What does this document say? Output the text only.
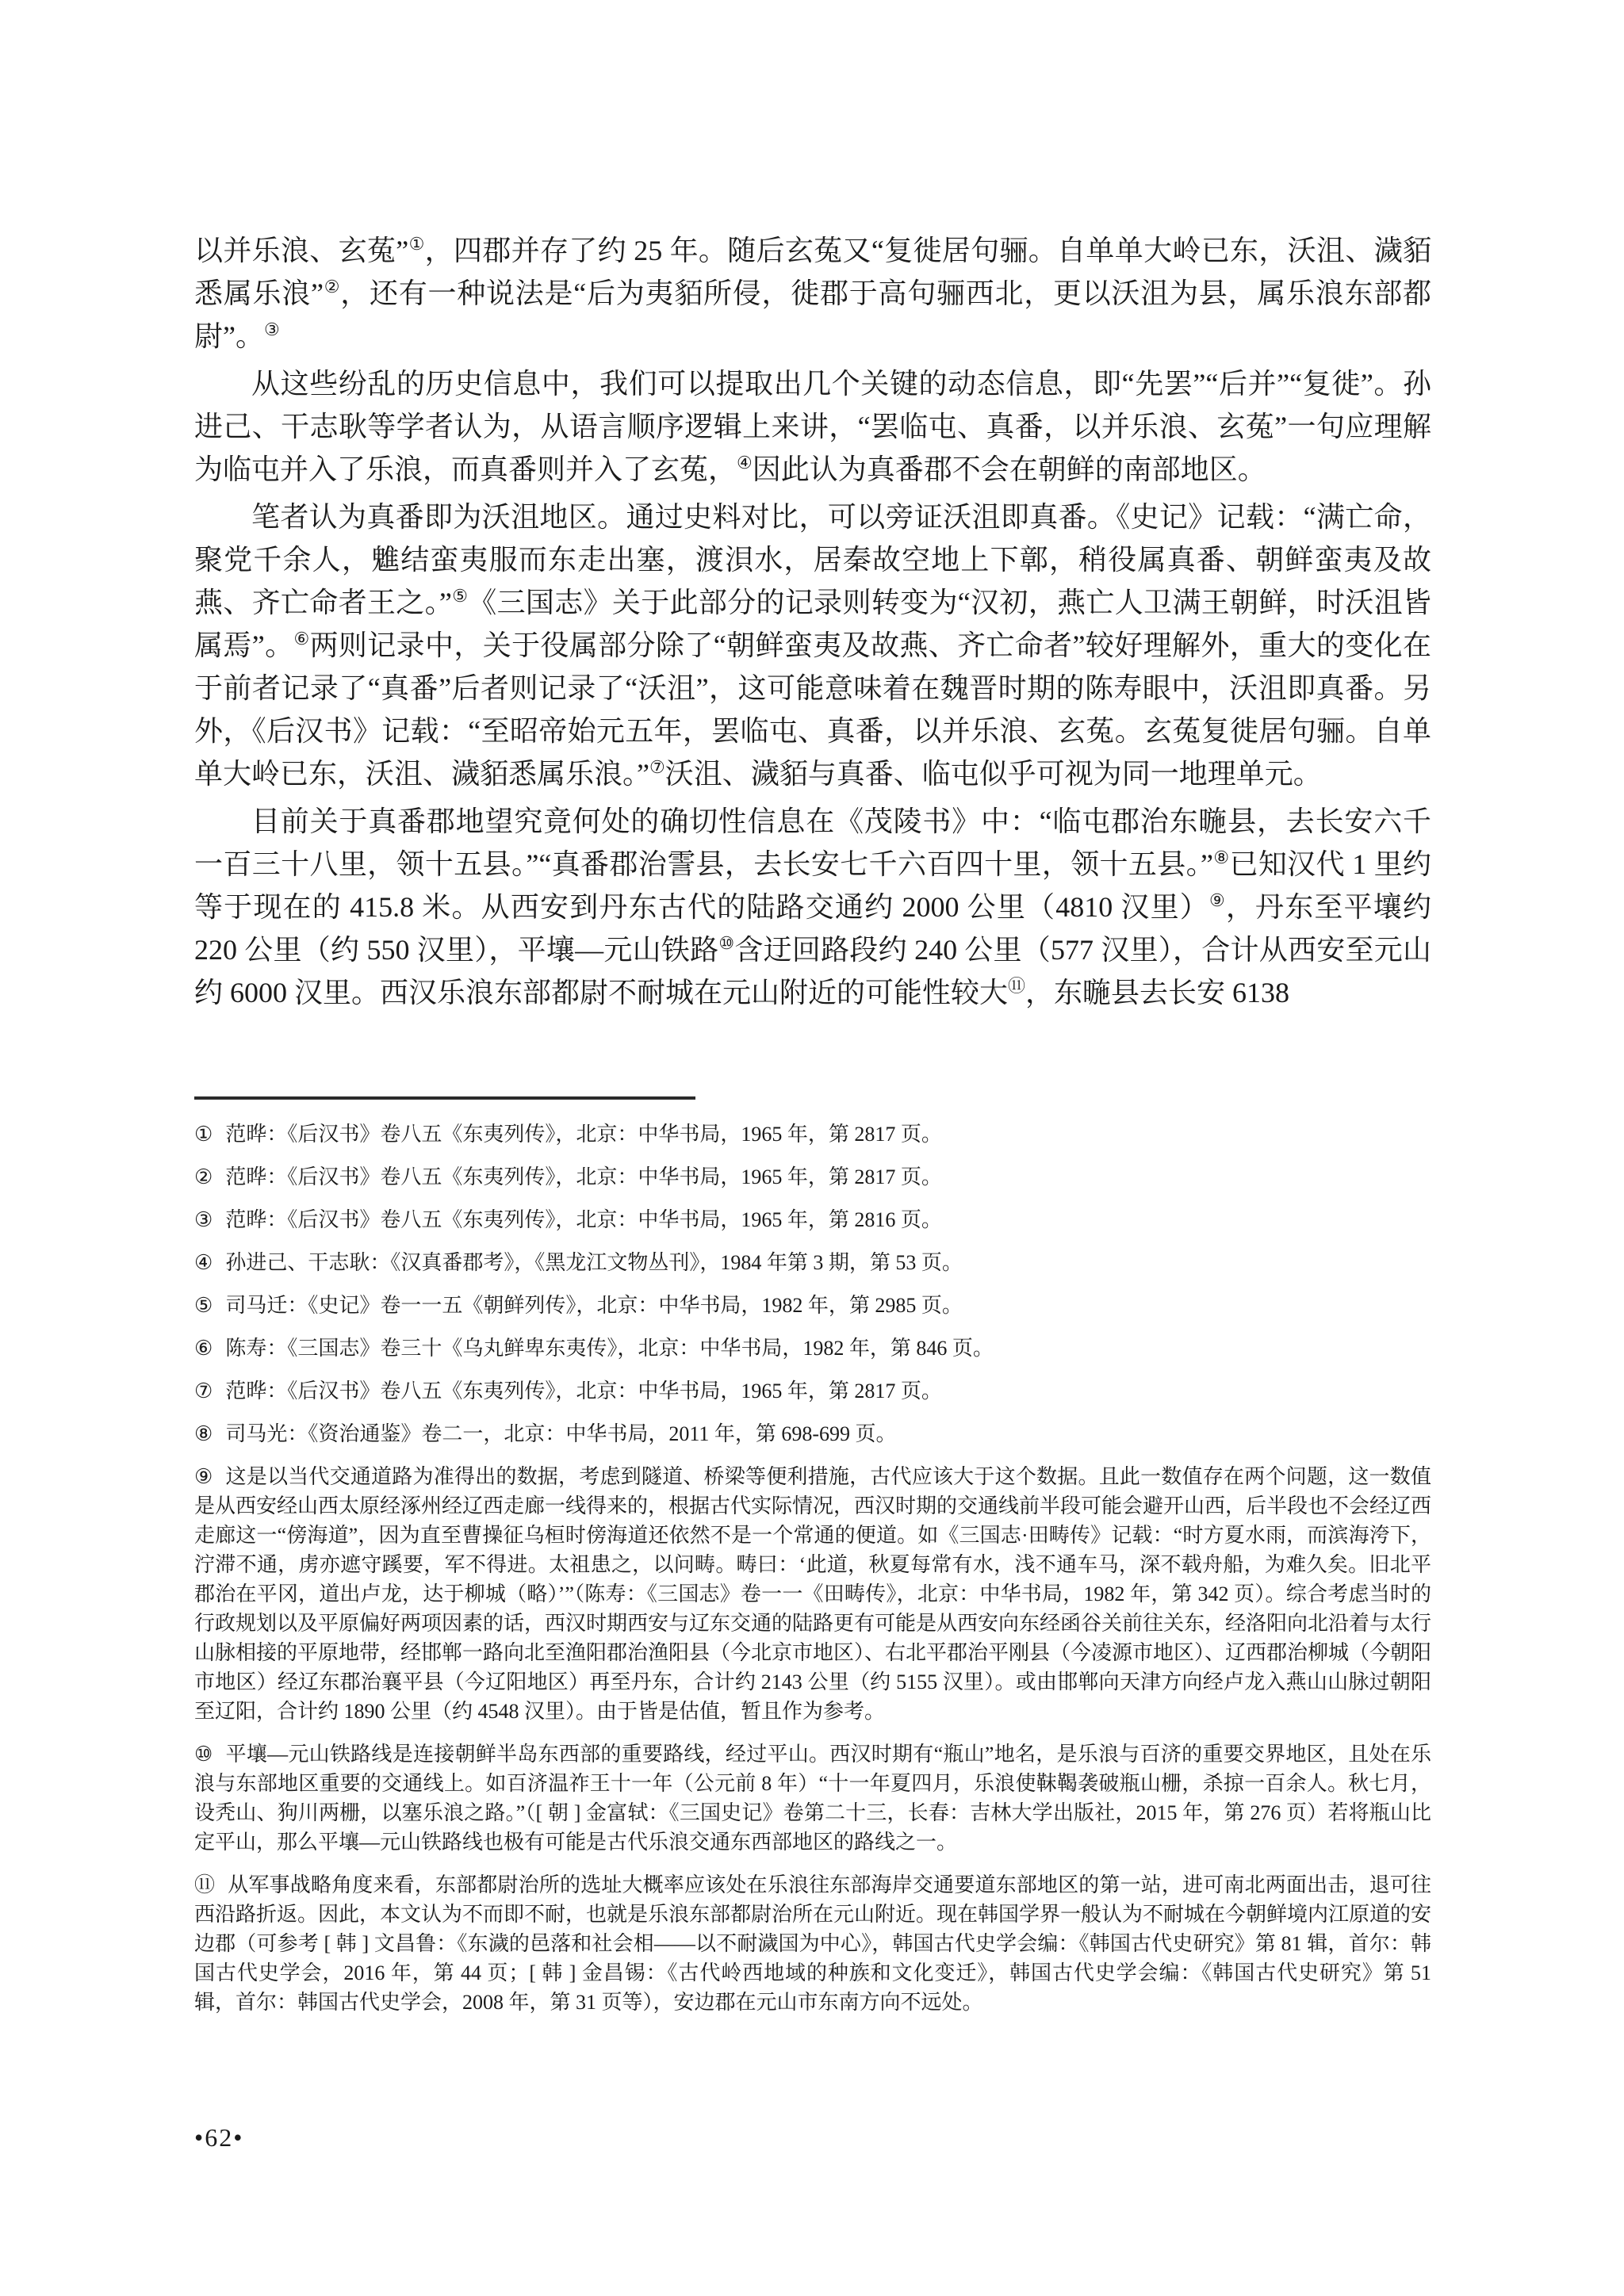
以并乐浪、玄菟”①，四郡并存了约 25 年。随后玄菟又“复徙居句骊。自单单大岭已东，沃沮、濊貊悉属乐浪”②，还有一种说法是“后为夷貊所侵，徙郡于高句骊西北，更以沃沮为县，属乐浪东部都尉”。③

从这些纷乱的历史信息中，我们可以提取出几个关键的动态信息，即“先罢”“后并”“复徙”。孙进己、干志耿等学者认为，从语言顺序逻辑上来讲，“罢临屯、真番，以并乐浪、玄菟”一句应理解为临屯并入了乐浪，而真番则并入了玄菟，④因此认为真番郡不会在朝鲜的南部地区。

笔者认为真番即为沃沮地区。通过史料对比，可以旁证沃沮即真番。《史记》记载：“满亡命，聚党千余人，魋结蛮夷服而东走出塞，渡浿水，居秦故空地上下鄣，稍役属真番、朝鲜蛮夷及故燕、齐亡命者王之。”⑤《三国志》关于此部分的记录则转变为“汉初，燕亡人卫满王朝鲜，时沃沮皆属焉”。⑥两则记录中，关于役属部分除了“朝鲜蛮夷及故燕、齐亡命者”较好理解外，重大的变化在于前者记录了“真番”后者则记录了“沃沮”，这可能意味着在魏晋时期的陈寿眼中，沃沮即真番。另外，《后汉书》记载：“至昭帝始元五年，罢临屯、真番，以并乐浪、玄菟。玄菟复徙居句骊。自单单大岭已东，沃沮、濊貊悉属乐浪。”⑦沃沮、濊貊与真番、临屯似乎可视为同一地理单元。

目前关于真番郡地望究竟何处的确切性信息在《茂陵书》中：“临屯郡治东暆县，去长安六千一百三十八里，领十五县。”“真番郡治霅县，去长安七千六百四十里，领十五县。”⑧已知汉代 1 里约等于现在的 415.8 米。从西安到丹东古代的陆路交通约 2000 公里（4810 汉里）⑨，丹东至平壤约 220 公里（约 550 汉里），平壤—元山铁路⑩含迂回路段约 240 公里（577 汉里），合计从西安至元山约 6000 汉里。西汉乐浪东部都尉不耐城在元山附近的可能性较大⑪，东暆县去长安 6138

① 范晔：《后汉书》卷八五《东夷列传》，北京：中华书局，1965 年，第 2817 页。

② 范晔：《后汉书》卷八五《东夷列传》，北京：中华书局，1965 年，第 2817 页。

③ 范晔：《后汉书》卷八五《东夷列传》，北京：中华书局，1965 年，第 2816 页。

④ 孙进己、干志耿：《汉真番郡考》，《黑龙江文物丛刊》，1984 年第 3 期，第 53 页。

⑤ 司马迁：《史记》卷一一五《朝鲜列传》，北京：中华书局，1982 年，第 2985 页。

⑥ 陈寿：《三国志》卷三十《乌丸鲜卑东夷传》，北京：中华书局，1982 年，第 846 页。

⑦ 范晔：《后汉书》卷八五《东夷列传》，北京：中华书局，1965 年，第 2817 页。

⑧ 司马光：《资治通鉴》卷二一，北京：中华书局，2011 年，第 698-699 页。

⑨ 这是以当代交通道路为准得出的数据，考虑到隧道、桥梁等便利措施，古代应该大于这个数据。且此一数值存在两个问题，这一数值是从西安经山西太原经涿州经辽西走廊一线得来的，根据古代实际情况，西汉时期的交通线前半段可能会避开山西，后半段也不会经辽西走廊这一“傍海道”，因为直至曹操征乌桓时傍海道还依然不是一个常通的便道。如《三国志·田畴传》记载：“时方夏水雨，而滨海洿下，泞滞不通，虏亦遮守蹊要，军不得进。太祖患之，以问畴。畴曰：‘此道，秋夏每常有水，浅不通车马，深不载舟船，为难久矣。旧北平郡治在平冈，道出卢龙，达于柳城（略）’”（陈寿：《三国志》卷一一《田畴传》，北京：中华书局，1982 年，第 342 页）。综合考虑当时的行政规划以及平原偏好两项因素的话，西汉时期西安与辽东交通的陆路更有可能是从西安向东经函谷关前往关东，经洛阳向北沿着与太行山脉相接的平原地带，经邯郸一路向北至渔阳郡治渔阳县（今北京市地区）、右北平郡治平刚县（今凌源市地区）、辽西郡治柳城（今朝阳市地区）经辽东郡治襄平县（今辽阳地区）再至丹东，合计约 2143 公里（约 5155 汉里）。或由邯郸向天津方向经卢龙入燕山山脉过朝阳至辽阳，合计约 1890 公里（约 4548 汉里）。由于皆是估值，暂且作为参考。

⑩ 平壤—元山铁路线是连接朝鲜半岛东西部的重要路线，经过平山。西汉时期有“瓶山”地名，是乐浪与百济的重要交界地区，且处在乐浪与东部地区重要的交通线上。如百济温祚王十一年（公元前 8 年）“十一年夏四月，乐浪使靺鞨袭破瓶山栅，杀掠一百余人。秋七月，设秃山、狗川两栅，以塞乐浪之路。”（[ 朝 ] 金富轼：《三国史记》卷第二十三，长春：吉林大学出版社，2015 年，第 276 页）若将瓶山比定平山，那么平壤—元山铁路线也极有可能是古代乐浪交通东西部地区的路线之一。

⑪ 从军事战略角度来看，东部都尉治所的选址大概率应该处在乐浪往东部海岸交通要道东部地区的第一站，进可南北两面出击，退可往西沿路折返。因此，本文认为不而即不耐，也就是乐浪东部都尉治所在元山附近。现在韩国学界一般认为不耐城在今朝鲜境内江原道的安边郡（可参考 [ 韩 ] 文昌鲁：《东濊的邑落和社会相——以不耐濊国为中心》，韩国古代史学会编：《韩国古代史研究》第 81 辑，首尔：韩国古代史学会，2016 年，第 44 页；[ 韩 ] 金昌锡：《古代岭西地域的种族和文化变迁》，韩国古代史学会编：《韩国古代史研究》第 51 辑，首尔：韩国古代史学会，2008 年，第 31 页等），安边郡在元山市东南方向不远处。

•62•
